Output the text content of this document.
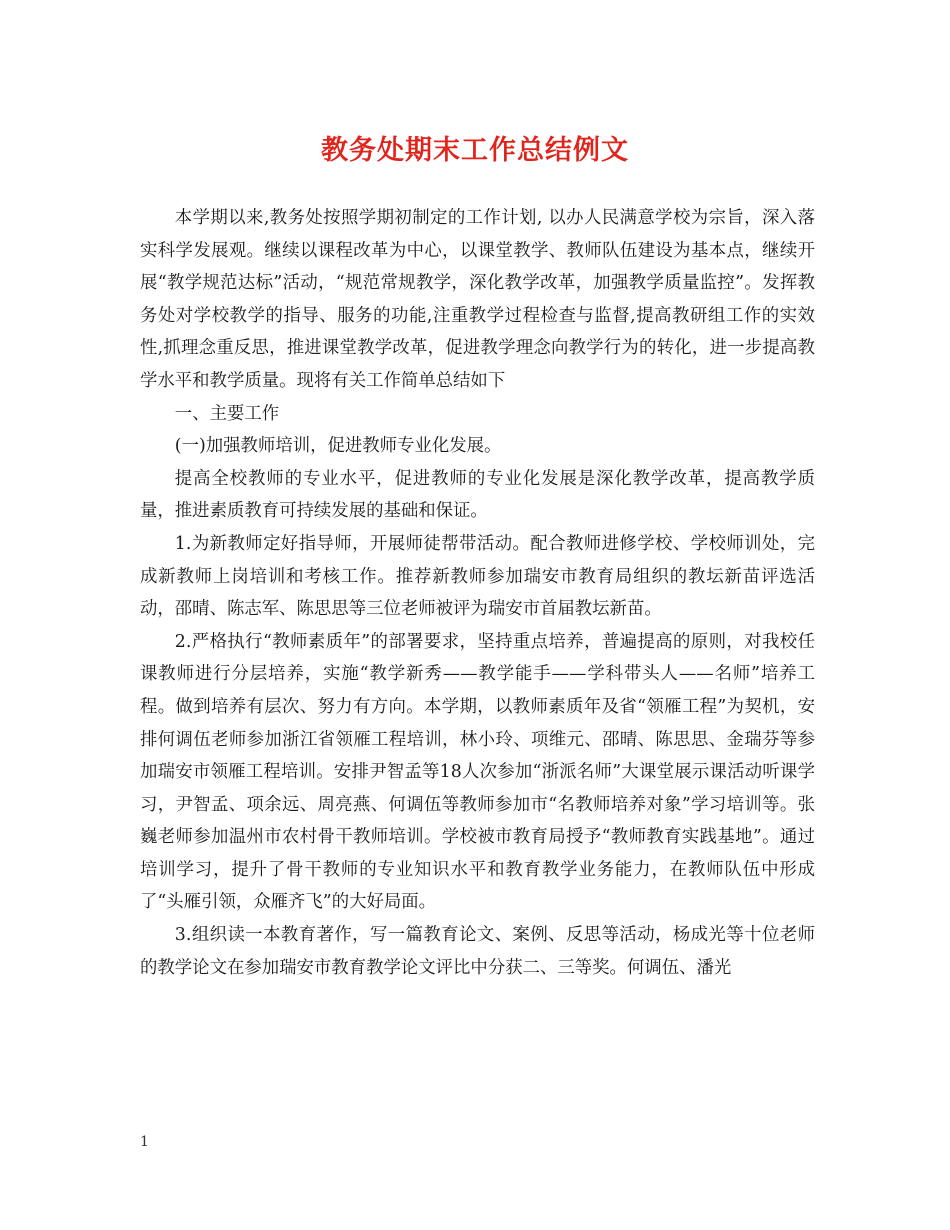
教务处期末工作总结例文

本学期以来,教务处按照学期初制定的工作计划, 以办人民满意学校为宗旨，深入落实科学发展观。继续以课程改革为中心，以课堂教学、教师队伍建设为基本点，继续开展“教学规范达标”活动，“规范常规教学，深化教学改革，加强教学质量监控”。发挥教务处对学校教学的指导、服务的功能,注重教学过程检查与监督,提高教研组工作的实效性,抓理念重反思，推进课堂教学改革，促进教学理念向教学行为的转化，进一步提高教学水平和教学质量。现将有关工作简单总结如下

一、主要工作

(一)加强教师培训，促进教师专业化发展。

提高全校教师的专业水平，促进教师的专业化发展是深化教学改革，提高教学质量，推进素质教育可持续发展的基础和保证。

1.为新教师定好指导师，开展师徒帮带活动。配合教师进修学校、学校师训处，完成新教师上岗培训和考核工作。推荐新教师参加瑞安市教育局组织的教坛新苗评选活动，邵晴、陈志军、陈思思等三位老师被评为瑞安市首届教坛新苗。

2.严格执行“教师素质年”的部署要求，坚持重点培养，普遍提高的原则，对我校任课教师进行分层培养，实施“教学新秀——教学能手——学科带头人——名师”培养工程。做到培养有层次、努力有方向。本学期，以教师素质年及省“领雁工程”为契机，安排何调伍老师参加浙江省领雁工程培训，林小玲、项维元、邵晴、陈思思、金瑞芬等参加瑞安市领雁工程培训。安排尹智孟等18人次参加“浙派名师”大课堂展示课活动听课学习，尹智孟、项余远、周亮燕、何调伍等教师参加市“名教师培养对象”学习培训等。张巍老师参加温州市农村骨干教师培训。学校被市教育局授予“教师教育实践基地”。通过培训学习，提升了骨干教师的专业知识水平和教育教学业务能力，在教师队伍中形成了“头雁引领，众雁齐飞”的大好局面。

3.组织读一本教育著作，写一篇教育论文、案例、反思等活动，杨成光等十位老师的教学论文在参加瑞安市教育教学论文评比中分获二、三等奖。何调伍、潘光

1
